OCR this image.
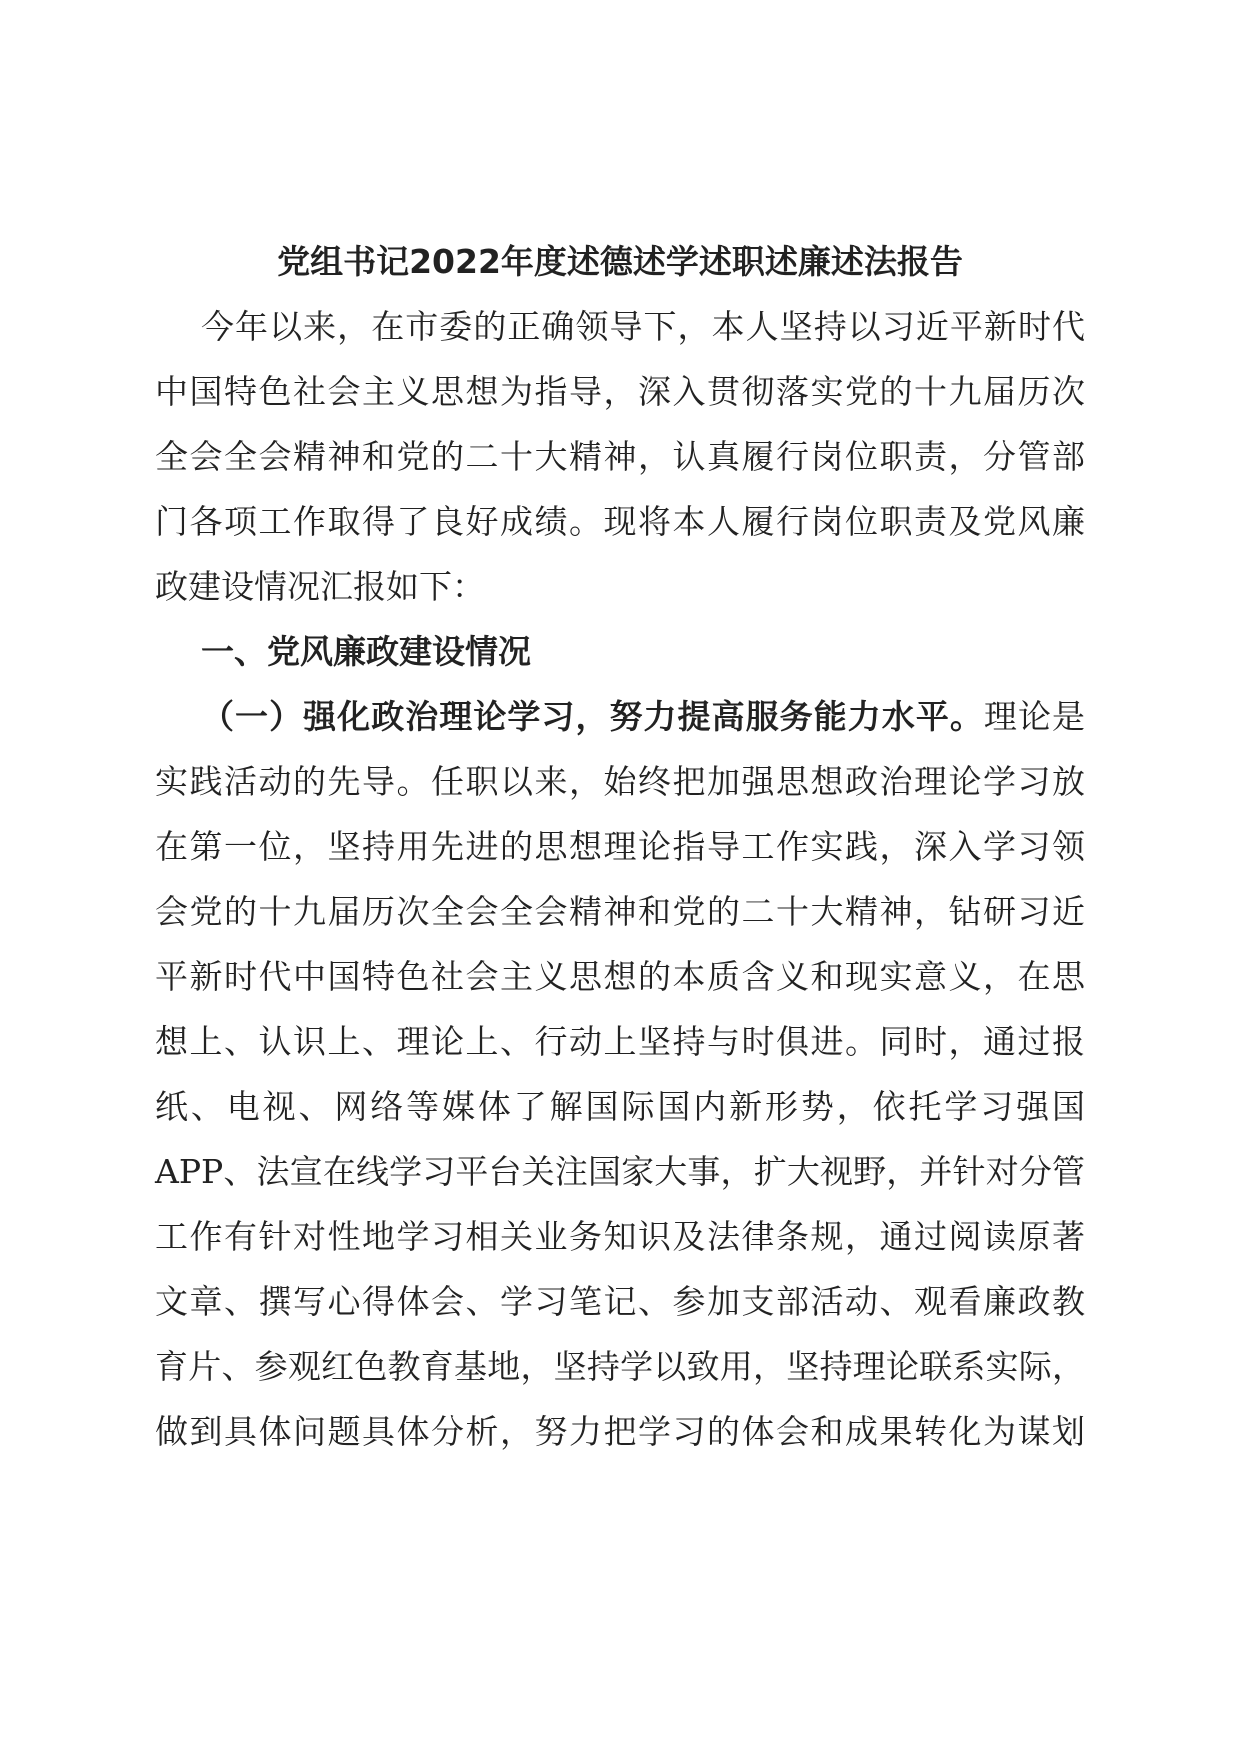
党组书记2022年度述德述学述职述廉述法报告
今年以来，在市委的正确领导下，本人坚持以习近平新时代
中国特色社会主义思想为指导，深入贯彻落实党的十九届历次
全会全会精神和党的二十大精神，认真履行岗位职责，分管部
门各项工作取得了良好成绩。现将本人履行岗位职责及党风廉
政建设情况汇报如下：
一、党风廉政建设情况
（一）强化政治理论学习，努力提高服务能力水平。理论是
实践活动的先导。任职以来，始终把加强思想政治理论学习放
在第一位，坚持用先进的思想理论指导工作实践，深入学习领
会党的十九届历次全会全会精神和党的二十大精神，钻研习近
平新时代中国特色社会主义思想的本质含义和现实意义，在思
想上、认识上、理论上、行动上坚持与时俱进。同时，通过报
纸、电视、网络等媒体了解国际国内新形势，依托学习强国
APP、法宣在线学习平台关注国家大事，扩大视野，并针对分管
工作有针对性地学习相关业务知识及法律条规，通过阅读原著
文章、撰写心得体会、学习笔记、参加支部活动、观看廉政教
育片、参观红色教育基地，坚持学以致用，坚持理论联系实际，
做到具体问题具体分析，努力把学习的体会和成果转化为谋划
